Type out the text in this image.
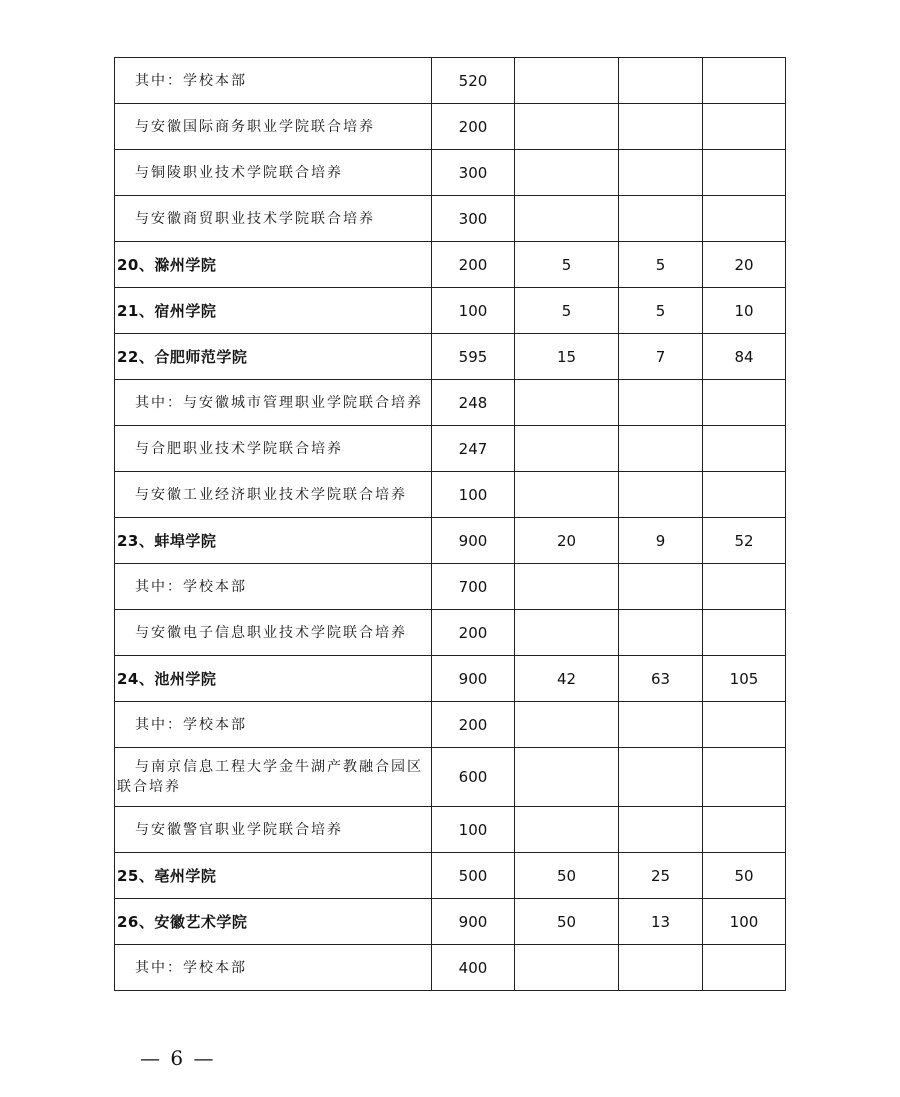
其中：学校本部	520			

与安徽国际商务职业学院联合培养	200			

与铜陵职业技术学院联合培养	300			

与安徽商贸职业技术学院联合培养	300			

20、滁州学院	200	5	5	20

21、宿州学院	100	5	5	10

22、合肥师范学院	595	15	7	84

其中：与安徽城市管理职业学院联合培养	248			

与合肥职业技术学院联合培养	247			

与安徽工业经济职业技术学院联合培养	100			

23、蚌埠学院	900	20	9	52

其中：学校本部	700			

与安徽电子信息职业技术学院联合培养	200			

24、池州学院	900	42	63	105

其中：学校本部	200			

与南京信息工程大学金牛湖产教融合园区联合培养	600			

与安徽警官职业学院联合培养	100			

25、亳州学院	500	50	25	50

26、安徽艺术学院	900	50	13	100

其中：学校本部	400			
— 6 —
